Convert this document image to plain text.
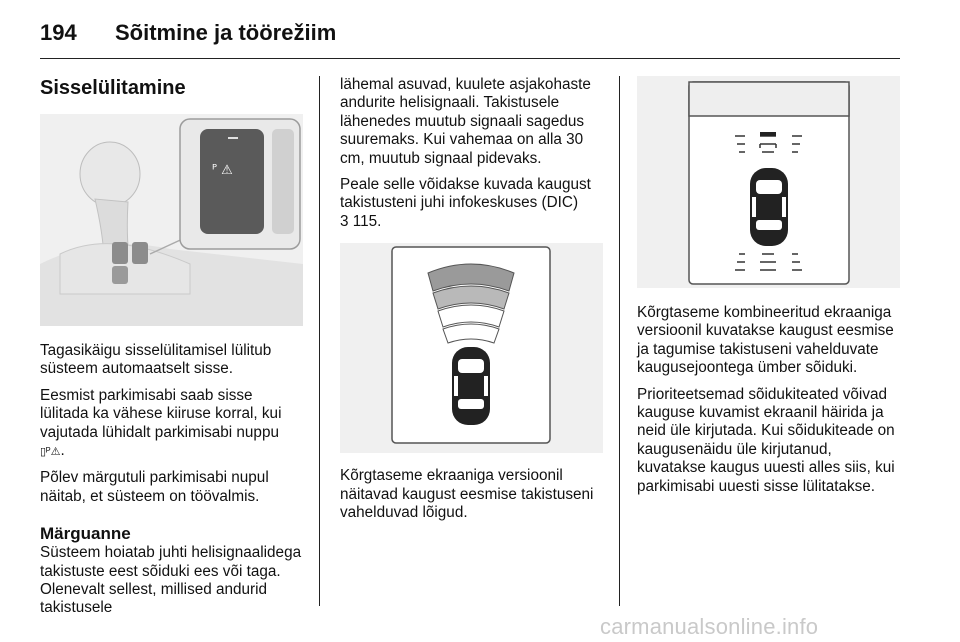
194 Sõitmine ja töörežiim
Sisselülitamine
ᴾ ⚠

Tagasikäigu sisselülitamisel lülitub süsteem automaatselt sisse.

Eesmist parkimisabi saab sisse lülitada ka vähese kiiruse korral, kui vajutada lühidalt parkimisabi nuppu
▯ᴾ⚠.

Põlev märgutuli parkimisabi nupul näitab, et süsteem on töövalmis.

Märguanne

Süsteem hoiatab juhti helisignaalidega takistuste eest sõiduki ees või taga. Olenevalt sellest, millised andurid takistusele

lähemal asuvad, kuulete asjakohaste andurite helisignaali. Takistusele lähenedes muutub signaali sagedus suuremaks. Kui vahemaa on alla 30 cm, muutub signaal pidevaks.

Peale selle võidakse kuvada kaugust takistusteni juhi infokeskuses (DIC)
3 115.

Kõrgtaseme ekraaniga versioonil näitavad kaugust eesmise takistuseni vahelduvad lõigud.

Kõrgtaseme kombineeritud ekraaniga versioonil kuvatakse kaugust eesmise ja tagumise takistuseni vahelduvate kaugusejoontega ümber sõiduki.

Prioriteetsemad sõidukiteated võivad kauguse kuvamist ekraanil häirida ja neid üle kirjutada. Kui sõidukiteade on kaugusenäidu üle kirjutanud, kuvatakse kaugus uuesti alles siis, kui parkimisabi uuesti sisse lülitatakse.

carmanualsonline.info
